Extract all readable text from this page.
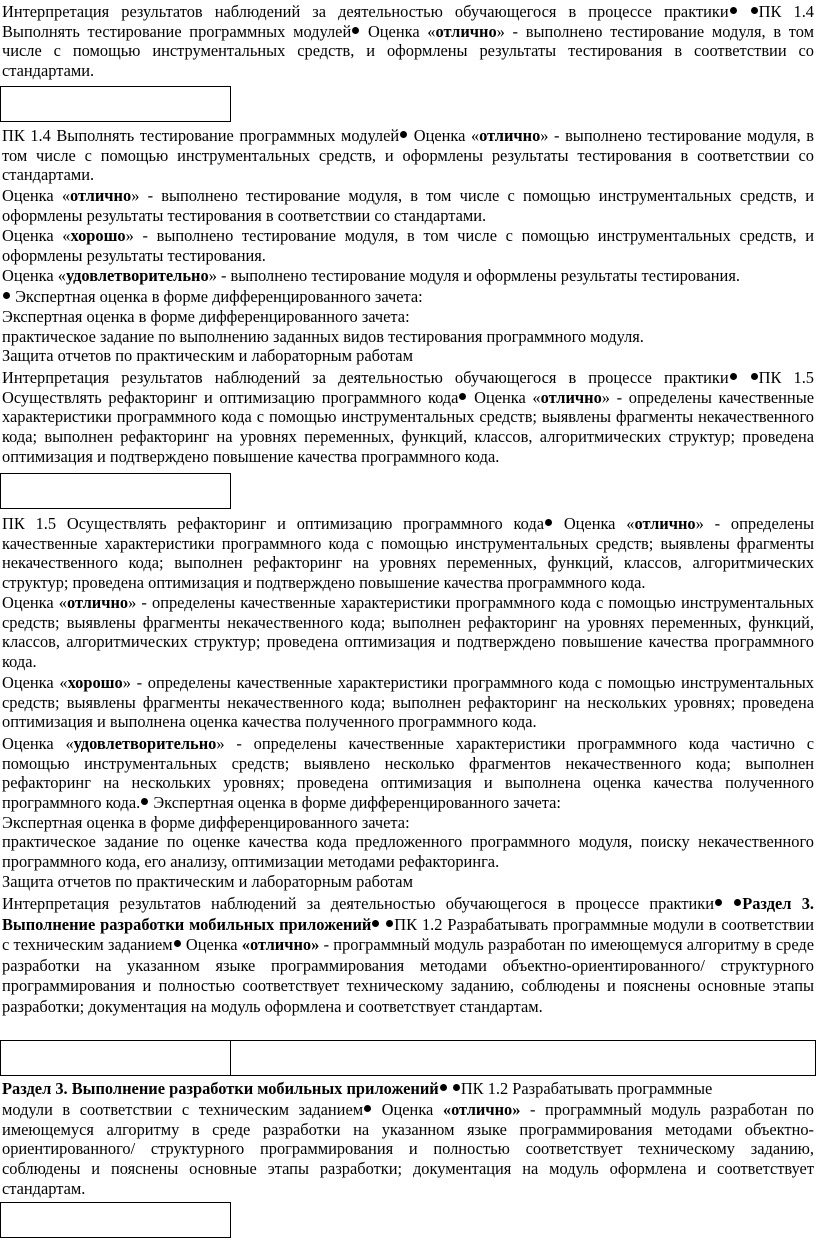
Интерпретация результатов наблюдений за деятельностью обучающегося в процессе практики ПК 1.4 Выполнять тестирование программных модулей Оценка «отлично» - выполнено тестирование модуля, в том числе с помощью инструментальных средств, и оформлены результаты тестирования в соответствии со стандартами.

ПК 1.4 Выполнять тестирование программных модулей Оценка «отлично» - выполнено тестирование модуля, в том числе с помощью инструментальных средств, и оформлены результаты тестирования в соответствии со стандартами.

Оценка «отлично» - выполнено тестирование модуля, в том числе с помощью инструментальных средств, и оформлены результаты тестирования в соответствии со стандартами.

Оценка «хорошо» - выполнено тестирование модуля, в том числе с помощью инструментальных средств, и оформлены результаты тестирования.

Оценка «удовлетворительно» - выполнено тестирование модуля и оформлены результаты тестирования.

Экспертная оценка в форме дифференцированного зачета:

Экспертная оценка в форме дифференцированного зачета:

практическое задание по выполнению заданных видов тестирования программного модуля.

Защита отчетов по практическим и лабораторным работам

Интерпретация результатов наблюдений за деятельностью обучающегося в процессе практики ПК 1.5 Осуществлять рефакторинг и оптимизацию программного кода Оценка «отлично» - определены качественные характеристики программного кода с помощью инструментальных средств; выявлены фрагменты некачественного кода; выполнен рефакторинг на уровнях переменных, функций, классов, алгоритмических структур; проведена оптимизация и подтверждено повышение качества программного кода.

ПК 1.5 Осуществлять рефакторинг и оптимизацию программного кода Оценка «отлично» - определены качественные характеристики программного кода с помощью инструментальных средств; выявлены фрагменты некачественного кода; выполнен рефакторинг на уровнях переменных, функций, классов, алгоритмических структур; проведена оптимизация и подтверждено повышение качества программного кода.

Оценка «отлично» - определены качественные характеристики программного кода с помощью инструментальных средств; выявлены фрагменты некачественного кода; выполнен рефакторинг на уровнях переменных, функций, классов, алгоритмических структур; проведена оптимизация и подтверждено повышение качества программного кода.

Оценка «хорошо» - определены качественные характеристики программного кода с помощью инструментальных средств; выявлены фрагменты некачественного кода; выполнен рефакторинг на нескольких уровнях; проведена оптимизация и выполнена оценка качества полученного программного кода.

Оценка «удовлетворительно» - определены качественные характеристики программного кода частично с помощью инструментальных средств; выявлено несколько фрагментов некачественного кода; выполнен рефакторинг на нескольких уровнях; проведена оптимизация и выполнена оценка качества полученного программного кода. Экспертная оценка в форме дифференцированного зачета:

Экспертная оценка в форме дифференцированного зачета:

практическое задание по оценке качества кода предложенного программного модуля, поиску некачественного программного кода, его анализу, оптимизации методами рефакторинга.

Защита отчетов по практическим и лабораторным работам

Интерпретация результатов наблюдений за деятельностью обучающегося в процессе практики Раздел 3. Выполнение разработки мобильных приложений ПК 1.2 Разрабатывать программные модули в соответствии с техническим заданием Оценка «отлично» - программный модуль разработан по имеющемуся алгоритму в среде разработки на указанном языке программирования методами объектно-ориентированного/ структурного программирования и полностью соответствует техническому заданию, соблюдены и пояснены основные этапы разработки; документация на модуль оформлена и соответствует стандартам.

Раздел 3. Выполнение разработки мобильных приложений ПК 1.2 Разрабатывать программные

модули в соответствии с техническим заданием Оценка «отлично» - программный модуль разработан по имеющемуся алгоритму в среде разработки на указанном языке программирования методами объектно-ориентированного/ структурного программирования и полностью соответствует техническому заданию, соблюдены и пояснены основные этапы разработки; документация на модуль оформлена и соответствует стандартам.
